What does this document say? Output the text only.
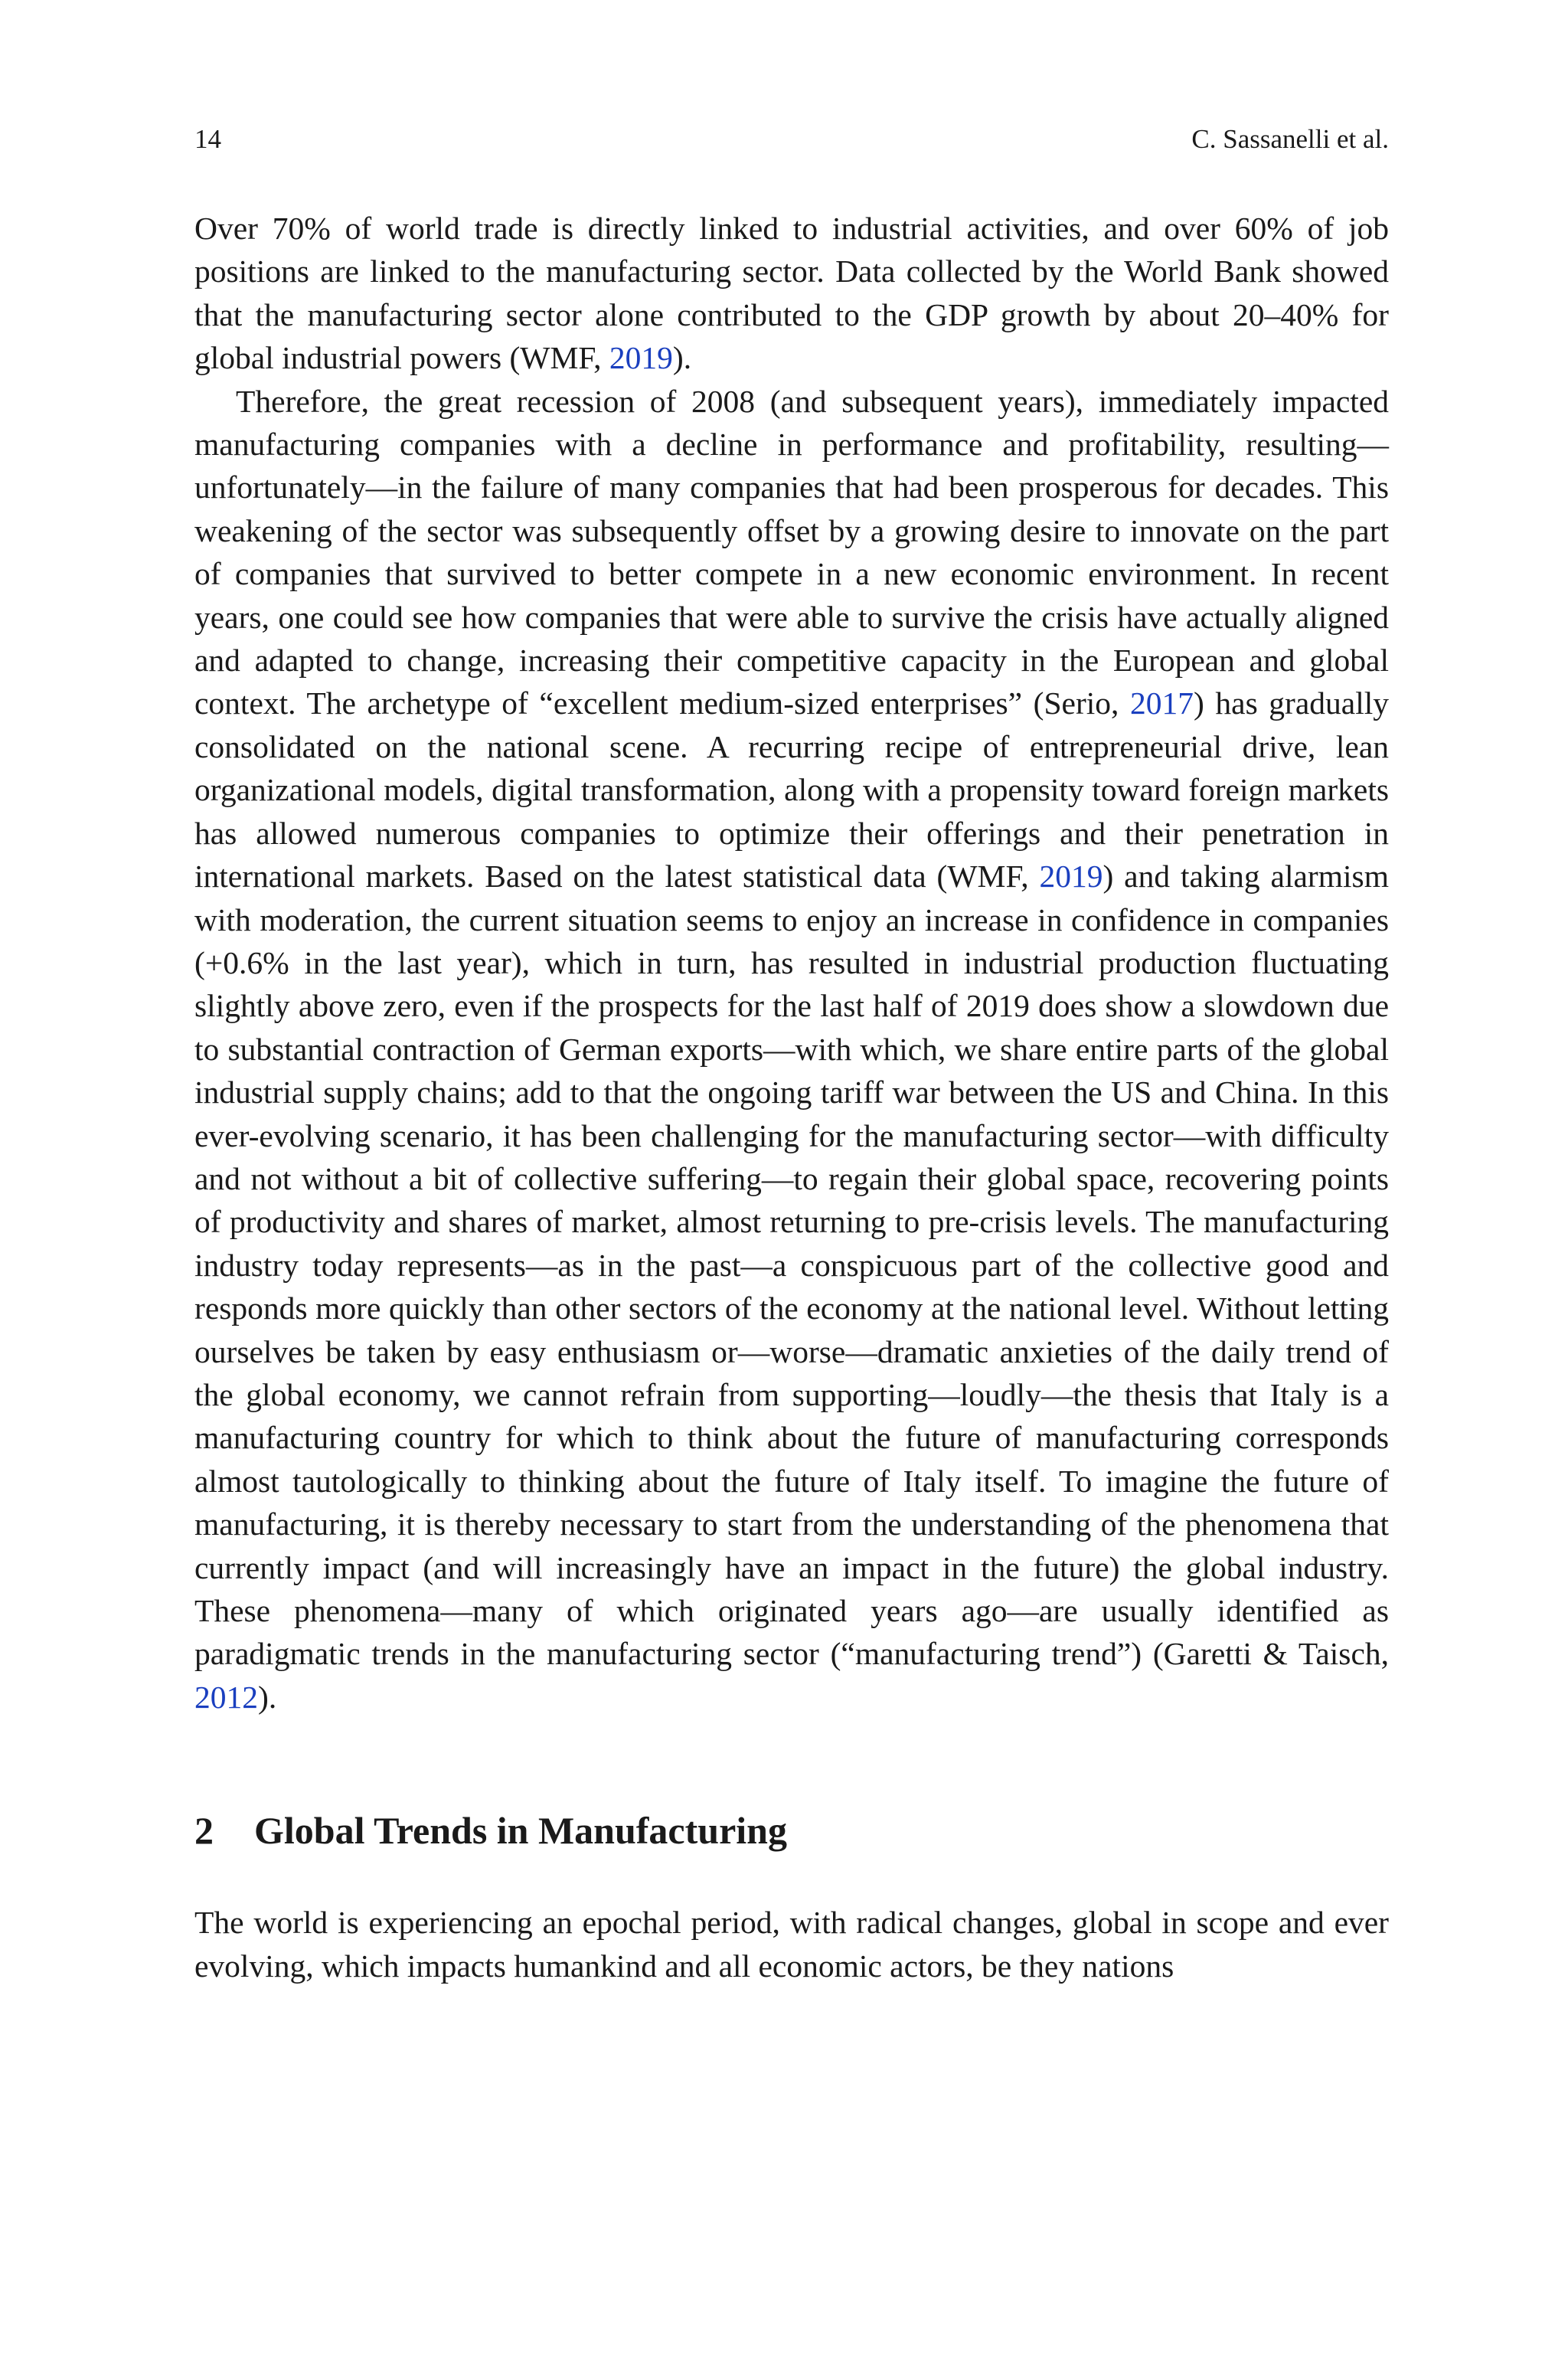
14	C. Sassanelli et al.

Over 70% of world trade is directly linked to industrial activities, and over 60% of job positions are linked to the manufacturing sector. Data collected by the World Bank showed that the manufacturing sector alone contributed to the GDP growth by about 20–40% for global industrial powers (WMF, 2019).

Therefore, the great recession of 2008 (and subsequent years), immediately impacted manufacturing companies with a decline in performance and profitability, resulting—unfortunately—in the failure of many companies that had been prosperous for decades. This weakening of the sector was subsequently offset by a growing desire to innovate on the part of companies that survived to better compete in a new economic environment. In recent years, one could see how companies that were able to survive the crisis have actually aligned and adapted to change, increasing their competitive capacity in the European and global context. The archetype of “excellent medium-sized enterprises” (Serio, 2017) has gradually consolidated on the national scene. A recurring recipe of entrepreneurial drive, lean organizational models, digital transformation, along with a propensity toward foreign markets has allowed numerous companies to optimize their offerings and their penetration in international markets. Based on the latest statistical data (WMF, 2019) and taking alarmism with moderation, the current situation seems to enjoy an increase in confidence in companies (+0.6% in the last year), which in turn, has resulted in industrial production fluctuating slightly above zero, even if the prospects for the last half of 2019 does show a slowdown due to substantial contraction of German exports—with which, we share entire parts of the global industrial supply chains; add to that the ongoing tariff war between the US and China. In this ever-evolving scenario, it has been challenging for the manufacturing sector—with difficulty and not without a bit of collective suffering—to regain their global space, recovering points of productivity and shares of market, almost returning to pre-crisis levels. The manufacturing industry today represents—as in the past—a conspicuous part of the collective good and responds more quickly than other sectors of the economy at the national level. Without letting ourselves be taken by easy enthusiasm or—worse—dramatic anxieties of the daily trend of the global economy, we cannot refrain from supporting—loudly—the thesis that Italy is a manufacturing country for which to think about the future of manufacturing corresponds almost tautologically to thinking about the future of Italy itself. To imagine the future of manufacturing, it is thereby necessary to start from the understanding of the phenomena that currently impact (and will increasingly have an impact in the future) the global industry. These phenomena—many of which originated years ago—are usually identified as paradigmatic trends in the manufacturing sector (“manufacturing trend”) (Garetti & Taisch, 2012).

2	Global Trends in Manufacturing

The world is experiencing an epochal period, with radical changes, global in scope and ever evolving, which impacts humankind and all economic actors, be they nations
